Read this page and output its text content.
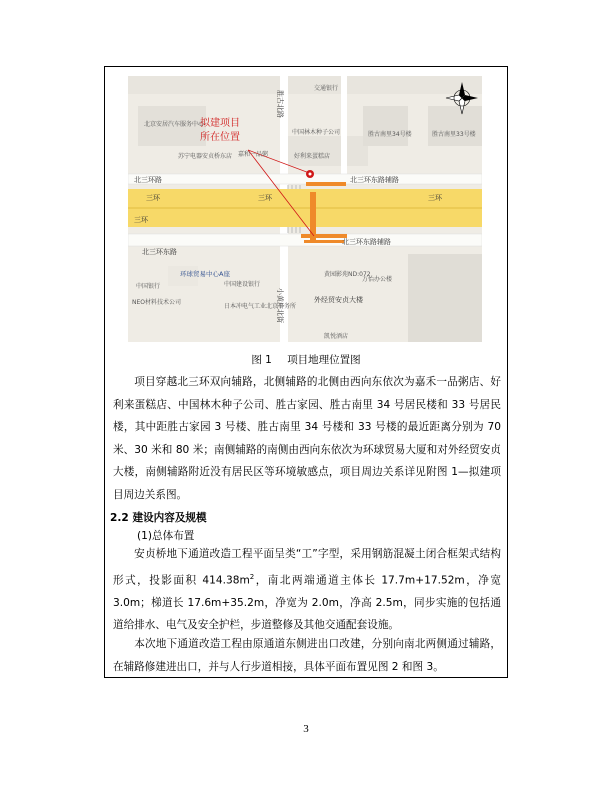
拟建项目
所在位置
北三环路	北三环东路辅路
三环	三环	三环
三环
北三环东路辅路
北三环东路
胜古北路
小黄庄北街
北京安居汽车服务中心
苏宁电器安贞桥东店 嘉和一品粥	好利来蛋糕店
中国林木种子公司	胜古南里34号楼	胜古南里33号楼
交通银行
环球贸易中心A座
中国建设银行
中国银行
日本冲电气工业北京事务所
万怡办公楼
外经贸安贞大楼
黄园影苑ND:072
NEO材料技术公司
凯悦酒店
图 1 项目地理位置图
项目穿越北三环双向辅路，北侧辅路的北侧由西向东依次为嘉禾一品粥店、好利来蛋糕店、中国林木种子公司、胜古家园、胜古南里 34 号居民楼和 33 号居民楼，其中距胜古家园 3 号楼、胜古南里 34 号楼和 33 号楼的最近距离分别为 70 米、30 米和 80 米；南侧辅路的南侧由西向东依次为环球贸易大厦和对外经贸安贞大楼，南侧辅路附近没有居民区等环境敏感点，项目周边关系详见附图 1—拟建项目周边关系图。
2.2 建设内容及规模
(1)总体布置
安贞桥地下通道改造工程平面呈类“工”字型，采用钢筋混凝土闭合框架式结构形式，投影面积 $414.38m^2$，南北两端通道主体长 17.7m+17.52m，净宽 3.0m；梯道长 17.6m+35.2m，净宽为 2.0m，净高 2.5m，同步实施的包括通道给排水、电气及安全护栏，步道整修及其他交通配套设施。
本次地下通道改造工程由原通道东侧进出口改建，分别向南北两侧通过辅路，在辅路修建进出口，并与人行步道相接，具体平面布置见图 2 和图 3。
3
